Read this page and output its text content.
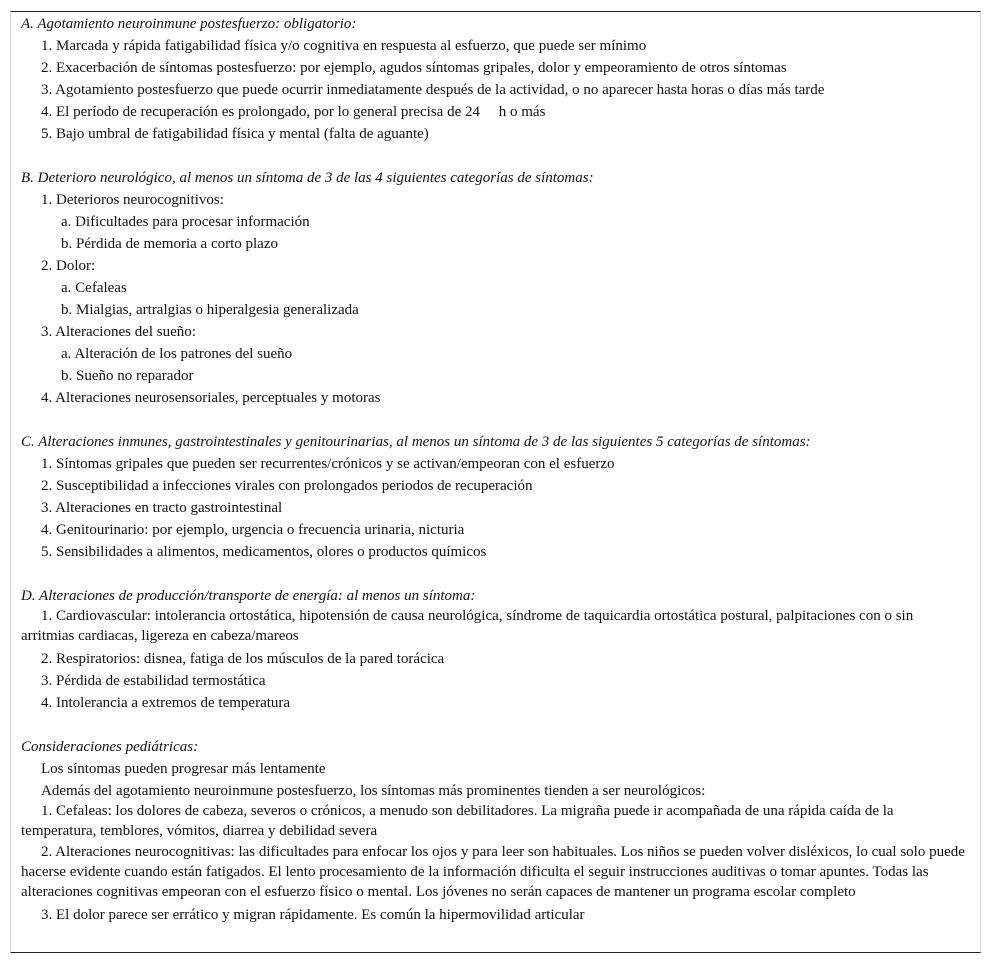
A. Agotamiento neuroinmune postesfuerzo: obligatorio:
1. Marcada y rápida fatigabilidad física y/o cognitiva en respuesta al esfuerzo, que puede ser mínimo
2. Exacerbación de síntomas postesfuerzo: por ejemplo, agudos síntomas gripales, dolor y empeoramiento de otros síntomas
3. Agotamiento postesfuerzo que puede ocurrir inmediatamente después de la actividad, o no aparecer hasta horas o días más tarde
4. El período de recuperación es prolongado, por lo general precisa de 24     h o más
5. Bajo umbral de fatigabilidad física y mental (falta de aguante)
B. Deterioro neurológico, al menos un síntoma de 3 de las 4 siguientes categorías de síntomas:
1. Deterioros neurocognitivos:
a. Dificultades para procesar información
b. Pérdida de memoria a corto plazo
2. Dolor:
a. Cefaleas
b. Mialgias, artralgias o hiperalgesia generalizada
3. Alteraciones del sueño:
a. Alteración de los patrones del sueño
b. Sueño no reparador
4. Alteraciones neurosensoriales, perceptuales y motoras
C. Alteraciones inmunes, gastrointestinales y genitourinarias, al menos un síntoma de 3 de las siguientes 5 categorías de síntomas:
1. Síntomas gripales que pueden ser recurrentes/crónicos y se activan/empeoran con el esfuerzo
2. Susceptibilidad a infecciones virales con prolongados periodos de recuperación
3. Alteraciones en tracto gastrointestinal
4. Genitourinario: por ejemplo, urgencia o frecuencia urinaria, nicturia
5. Sensibilidades a alimentos, medicamentos, olores o productos químicos
D. Alteraciones de producción/transporte de energía: al menos un síntoma:
1. Cardiovascular: intolerancia ortostática, hipotensión de causa neurológica, síndrome de taquicardia ortostática postural, palpitaciones con o sin arritmias cardiacas, ligereza en cabeza/mareos
2. Respiratorios: disnea, fatiga de los músculos de la pared torácica
3. Pérdida de estabilidad termostática
4. Intolerancia a extremos de temperatura
Consideraciones pediátricas:
Los síntomas pueden progresar más lentamente
Además del agotamiento neuroinmune postesfuerzo, los síntomas más prominentes tienden a ser neurológicos:
1. Cefaleas: los dolores de cabeza, severos o crónicos, a menudo son debilitadores. La migraña puede ir acompañada de una rápida caída de la temperatura, temblores, vómitos, diarrea y debilidad severa
2. Alteraciones neurocognitivas: las dificultades para enfocar los ojos y para leer son habituales. Los niños se pueden volver disléxicos, lo cual solo puede hacerse evidente cuando están fatigados. El lento procesamiento de la información dificulta el seguir instrucciones auditivas o tomar apuntes. Todas las alteraciones cognitivas empeoran con el esfuerzo físico o mental. Los jóvenes no serán capaces de mantener un programa escolar completo
3. El dolor parece ser errático y migran rápidamente. Es común la hipermovilidad articular
